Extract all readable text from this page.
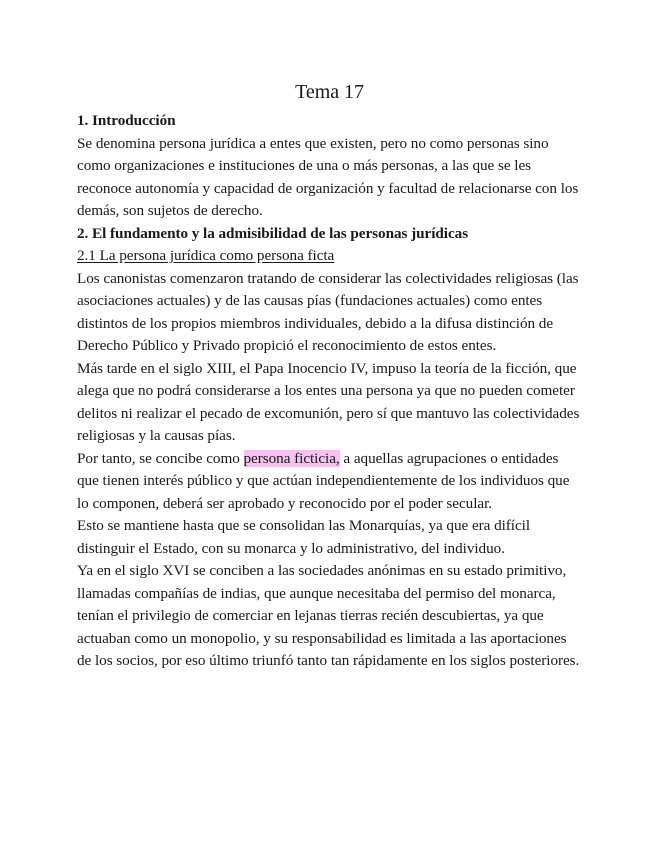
Tema 17

1. Introducción

Se denomina persona jurídica a entes que existen, pero no como personas sino como organizaciones e instituciones de una o más personas, a las que se les reconoce autonomía y capacidad de organización y facultad de relacionarse con los demás, son sujetos de derecho.

2. El fundamento y la admisibilidad de las personas jurídicas

2.1 La persona jurídica como persona ficta

Los canonistas comenzaron tratando de considerar las colectividades religiosas (las asociaciones actuales) y de las causas pías (fundaciones actuales) como entes distintos de los propios miembros individuales, debido a la difusa distinción de Derecho Público y Privado propició el reconocimiento de estos entes.

Más tarde en el siglo XIII, el Papa Inocencio IV, impuso la teoría de la ficción, que alega que no podrá considerarse a los entes una persona ya que no pueden cometer delitos ni realizar el pecado de excomunión, pero sí que mantuvo las colectividades religiosas y la causas pías.

Por tanto, se concibe como persona ficticia, a aquellas agrupaciones o entidades que tienen interés público y que actúan independientemente de los individuos que lo componen, deberá ser aprobado y reconocido por el poder secular.

Esto se mantiene hasta que se consolidan las Monarquías, ya que era difícil distinguir el Estado, con su monarca y lo administrativo, del individuo.

Ya en el siglo XVI se conciben a las sociedades anónimas en su estado primitivo, llamadas compañías de indias, que aunque necesitaba del permiso del monarca, tenían el privilegio de comerciar en lejanas tierras recién descubiertas, ya que actuaban como un monopolio, y su responsabilidad es limitada a las aportaciones de los socios, por eso último triunfó tanto tan rápidamente en los siglos posteriores.
